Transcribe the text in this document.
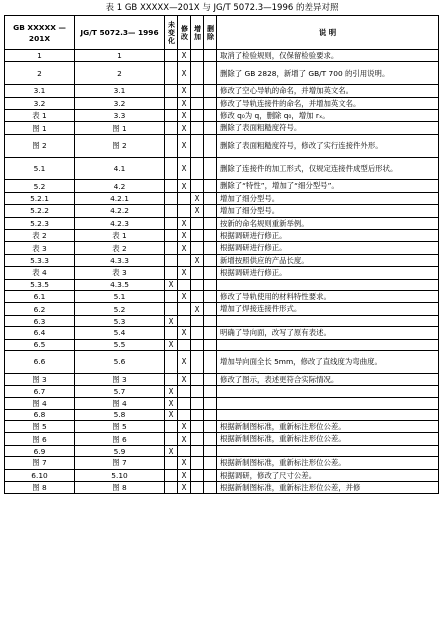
表 1 GB XXXXX—201X 与 JG/T 5072.3—1996 的差异对照
GB XXXXX — 201X	JG/T 5072.3— 1996	未变化	修改	增加	删除	说 明
1	1		X			取消了检验规则，仅保留检验要求。
2	2		X			删除了 GB 2828，新增了 GB/T 700 的引用说明。
3.1	3.1		X			修改了空心导轨的命名，并增加英文名。
3.2	3.2		X			修改了导轨连接件的命名，并增加英文名。
表 1	3.3		X			修改 q₀为 q，删除 q₀，增加 rₓ。
图 1	图 1		X			删除了表面粗糙度符号。
图 2	图 2		X			删除了表面粗糙度符号，修改了实行连接件外形。
5.1	4.1		X			删除了连接件的加工形式，仅规定连接件成型后形状。
5.2	4.2		X			删除了“特性”，增加了“细分型号”。
5.2.1	4.2.1			X		增加了细分型号。
5.2.2	4.2.2			X		增加了细分型号。
5.2.3	4.2.3		X			按新的命名规则重新举例。
表 2	表 1		X			根据调研进行修正。
表 3	表 2		X			根据调研进行修正。
5.3.3	4.3.3			X		新增按照供应的产品长度。
表 4	表 3		X			根据调研进行修正。
5.3.5	4.3.5	X				
6.1	5.1		X			修改了导轨使用的材料特性要求。
6.2	5.2			X		增加了焊接连接件形式。
6.3	5.3	X				
6.4	5.4		X			明确了导向面，改写了原有表述。
6.5	5.5	X				
6.6	5.6		X			增加导向面全长 5mm，修改了直线度为弯曲度。
图 3	图 3		X			修改了图示，表述更符合实际情况。
6.7	5.7	X				
图 4	图 4	X				
6.8	5.8	X				
图 5	图 5		X			根据新制图标准，重新标注形位公差。
图 6	图 6		X			根据新制图标准，重新标注形位公差。
6.9	5.9	X				
图 7	图 7		X			根据新制图标准，重新标注形位公差。
6.10	5.10		X			根据调研，修改了尺寸公差。
图 8	图 8		X			根据新制图标准，重新标注形位公差，并修
